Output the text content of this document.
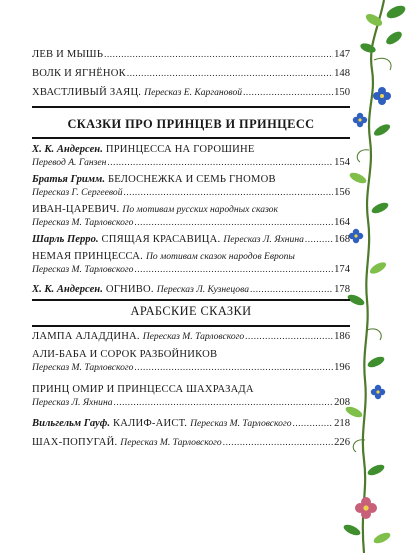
ЛЕВ И МЫШЬ .....	147
ВОЛК И ЯГНЁНОК .....	148
ХВАСТЛИВЫЙ ЗАЯЦ. Пересказ Е. Каргановой .....	150
СКАЗКИ ПРО ПРИНЦЕВ И ПРИНЦЕСС
Х. К. Андерсен. ПРИНЦЕССА НА ГОРОШИНЕ
Перевод А. Ганзен .....	154
Братья Гримм. БЕЛОСНЕЖКА И СЕМЬ ГНОМОВ
Пересказ Г. Сергеевой .....	156
ИВАН-ЦАРЕВИЧ. По мотивам русских народных сказок
Пересказ М. Тарловского .....	164
Шарль Перро. СПЯЩАЯ КРАСАВИЦА. Пересказ Л. Яхнина .....	168
НЕМАЯ ПРИНЦЕССА. По мотивам сказок народов Европы
Пересказ М. Тарловского .....	174
Х. К. Андерсен. ОГНИВО. Пересказ Л. Кузнецова .....	178
АРАБСКИЕ СКАЗКИ
ЛАМПА АЛАДДИНА. Пересказ М. Тарловского .....	186
АЛИ-БАБА И СОРОК РАЗБОЙНИКОВ
Пересказ М. Тарловского .....	196
ПРИНЦ ОМИР И ПРИНЦЕССА ШАХРАЗАДА
Пересказ Л. Яхнина .....	208
Вильгельм Гауф. КАЛИФ-АИСТ. Пересказ М. Тарловского .....	218
ШАХ-ПОПУГАЙ. Пересказ М. Тарловского .....	226
